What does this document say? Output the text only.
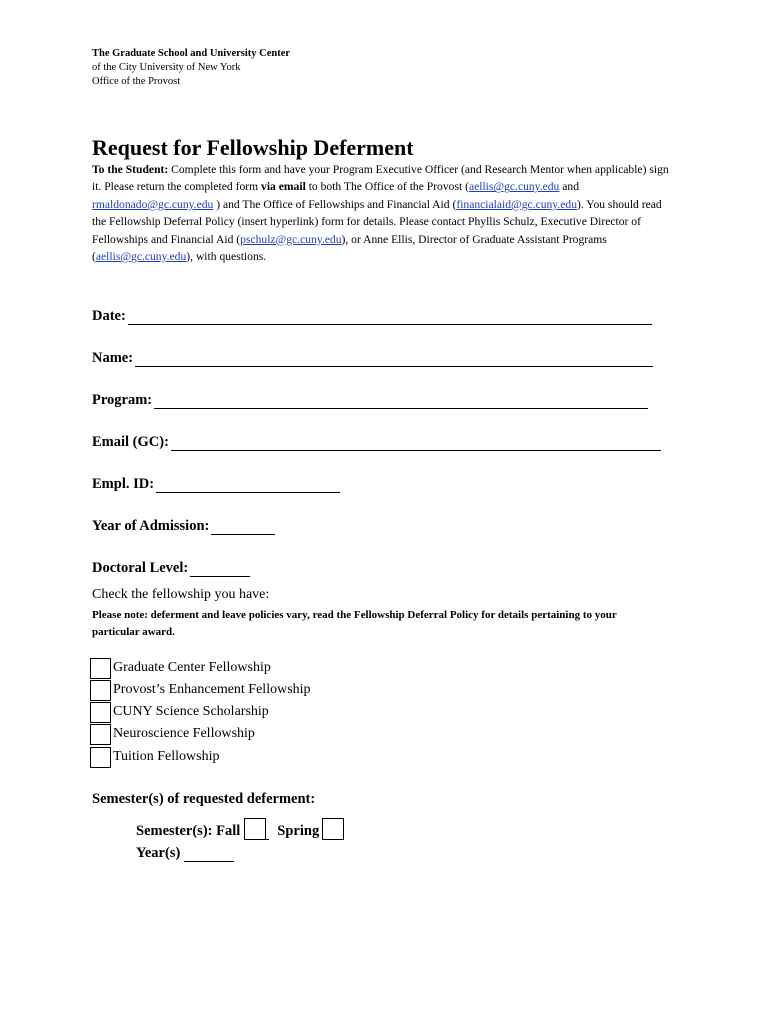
The Graduate School and University Center
of the City University of New York
Office of the Provost
Request for Fellowship Deferment
To the Student: Complete this form and have your Program Executive Officer (and Research Mentor when applicable) sign it. Please return the completed form via email to both The Office of the Provost (aellis@gc.cuny.edu and rmaldonado@gc.cuny.edu ) and The Office of Fellowships and Financial Aid (financialaid@gc.cuny.edu). You should read the Fellowship Deferral Policy (insert hyperlink) form for details. Please contact Phyllis Schulz, Executive Director of Fellowships and Financial Aid (pschulz@gc.cuny.edu), or Anne Ellis, Director of Graduate Assistant Programs (aellis@gc.cuny.edu), with questions.
Date:
Name:
Program:
Email (GC):
Empl. ID:
Year of Admission:
Doctoral Level:
Check the fellowship you have:
Please note: deferment and leave policies vary, read the Fellowship Deferral Policy for details pertaining to your particular award.
Graduate Center Fellowship
Provost’s Enhancement Fellowship
CUNY Science Scholarship
Neuroscience Fellowship
Tuition Fellowship
Semester(s) of requested deferment:
Semester(s): Fall	Spring
Year(s)
